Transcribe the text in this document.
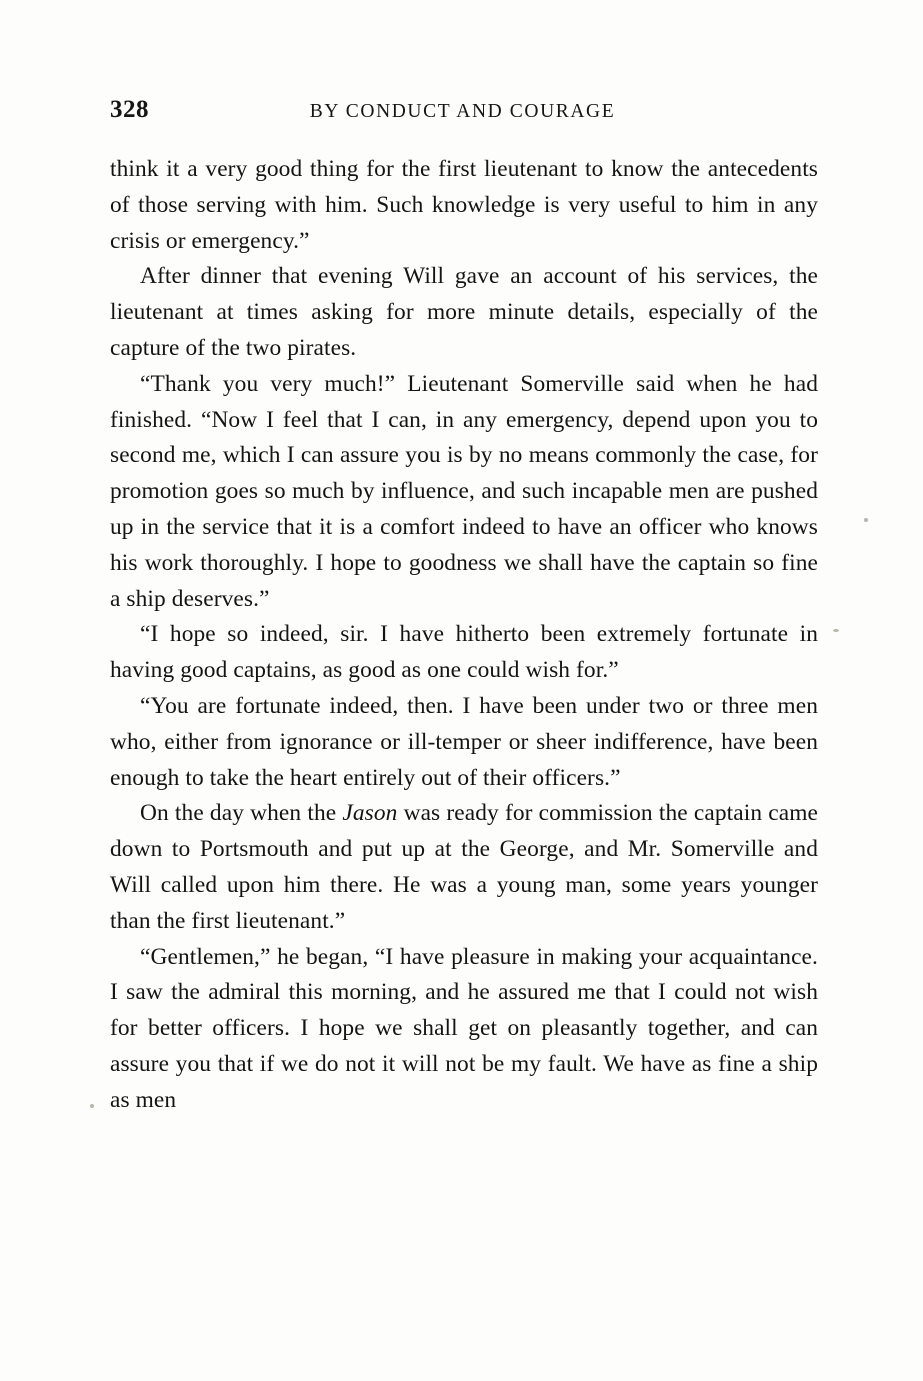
328	BY CONDUCT AND COURAGE

think it a very good thing for the first lieutenant to know the antecedents of those serving with him. Such knowledge is very useful to him in any crisis or emergency.”

After dinner that evening Will gave an account of his services, the lieutenant at times asking for more minute details, especially of the capture of the two pirates.

“Thank you very much!” Lieutenant Somerville said when he had finished. “Now I feel that I can, in any emergency, depend upon you to second me, which I can assure you is by no means commonly the case, for promotion goes so much by influence, and such incapable men are pushed up in the service that it is a comfort indeed to have an officer who knows his work thoroughly. I hope to goodness we shall have the captain so fine a ship deserves.”

“I hope so indeed, sir. I have hitherto been extremely fortunate in having good captains, as good as one could wish for.”

“You are fortunate indeed, then. I have been under two or three men who, either from ignorance or ill-temper or sheer indifference, have been enough to take the heart entirely out of their officers.”

On the day when the Jason was ready for commission the captain came down to Portsmouth and put up at the George, and Mr. Somerville and Will called upon him there. He was a young man, some years younger than the first lieutenant.”

“Gentlemen,” he began, “I have pleasure in making your acquaintance. I saw the admiral this morning, and he assured me that I could not wish for better officers. I hope we shall get on pleasantly together, and can assure you that if we do not it will not be my fault. We have as fine a ship as men
